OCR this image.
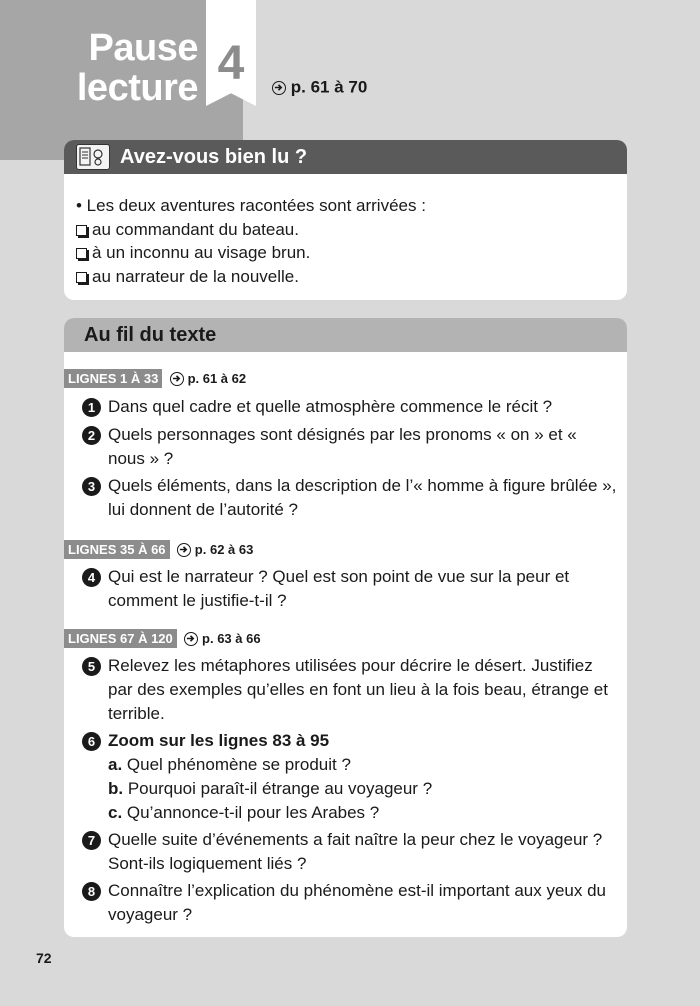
Pause
lecture 4	p. 61 à 70
Avez-vous bien lu ?
• Les deux aventures racontées sont arrivées :
au commandant du bateau.
à un inconnu au visage brun.
au narrateur de la nouvelle.
Au fil du texte
LIGNES 1 À 33 p. 61 à 62
1 Dans quel cadre et quelle atmosphère commence le récit ?
2 Quels personnages sont désignés par les pronoms « on » et « nous » ?
3 Quels éléments, dans la description de l’« homme à figure brûlée », lui donnent de l’autorité ?
LIGNES 35 À 66 p. 62 à 63
4 Qui est le narrateur ? Quel est son point de vue sur la peur et comment le justifie-t-il ?
LIGNES 67 À 120 p. 63 à 66
5 Relevez les métaphores utilisées pour décrire le désert. Justifiez par des exemples qu’elles en font un lieu à la fois beau, étrange et terrible.
6 Zoom sur les lignes 83 à 95
a. Quel phénomène se produit ?
b. Pourquoi paraît-il étrange au voyageur ?
c. Qu’annonce-t-il pour les Arabes ?
7 Quelle suite d’événements a fait naître la peur chez le voyageur ? Sont-ils logiquement liés ?
8 Connaître l’explication du phénomène est-il important aux yeux du voyageur ?
72
